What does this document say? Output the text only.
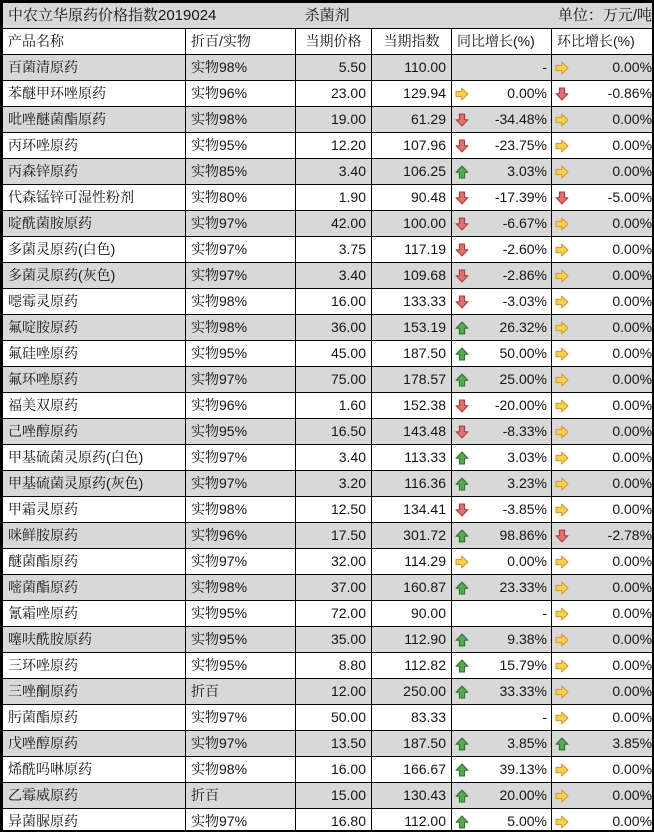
中农立华原药价格指数2019024 杀菌剂 单位：万元/吨					

产品名称	折百/实物	当期价格	当期指数	同比增长(%)	环比增长(%)
百菌清原药	实物98%	5.50	110.00	-	0.00%

苯醚甲环唑原药	实物96%	23.00	129.94	0.00%	-0.86%

吡唑醚菌酯原药	实物98%	19.00	61.29	-34.48%	0.00%

丙环唑原药	实物95%	12.20	107.96	-23.75%	0.00%

丙森锌原药	实物85%	3.40	106.25	3.03%	0.00%

代森锰锌可湿性粉剂	实物80%	1.90	90.48	-17.39%	-5.00%

啶酰菌胺原药	实物97%	42.00	100.00	-6.67%	0.00%

多菌灵原药(白色)	实物97%	3.75	117.19	-2.60%	0.00%

多菌灵原药(灰色)	实物97%	3.40	109.68	-2.86%	0.00%

噁霉灵原药	实物98%	16.00	133.33	-3.03%	0.00%

氟啶胺原药	实物98%	36.00	153.19	26.32%	0.00%

氟硅唑原药	实物95%	45.00	187.50	50.00%	0.00%

氟环唑原药	实物97%	75.00	178.57	25.00%	0.00%

福美双原药	实物96%	1.60	152.38	-20.00%	0.00%

己唑醇原药	实物95%	16.50	143.48	-8.33%	0.00%

甲基硫菌灵原药(白色)	实物97%	3.40	113.33	3.03%	0.00%

甲基硫菌灵原药(灰色)	实物97%	3.20	116.36	3.23%	0.00%

甲霜灵原药	实物98%	12.50	134.41	-3.85%	0.00%

咪鲜胺原药	实物96%	17.50	301.72	98.86%	-2.78%

醚菌酯原药	实物97%	32.00	114.29	0.00%	0.00%

嘧菌酯原药	实物98%	37.00	160.87	23.33%	0.00%

氰霜唑原药	实物95%	72.00	90.00	-	0.00%

噻呋酰胺原药	实物95%	35.00	112.90	9.38%	0.00%

三环唑原药	实物95%	8.80	112.82	15.79%	0.00%

三唑酮原药	折百	12.00	250.00	33.33%	0.00%

肟菌酯原药	实物97%	50.00	83.33	-	0.00%

戊唑醇原药	实物97%	13.50	187.50	3.85%	3.85%

烯酰吗啉原药	实物98%	16.00	166.67	39.13%	0.00%

乙霉威原药	折百	15.00	130.43	20.00%	0.00%

异菌脲原药	实物97%	16.80	112.00	5.00%	0.00%
